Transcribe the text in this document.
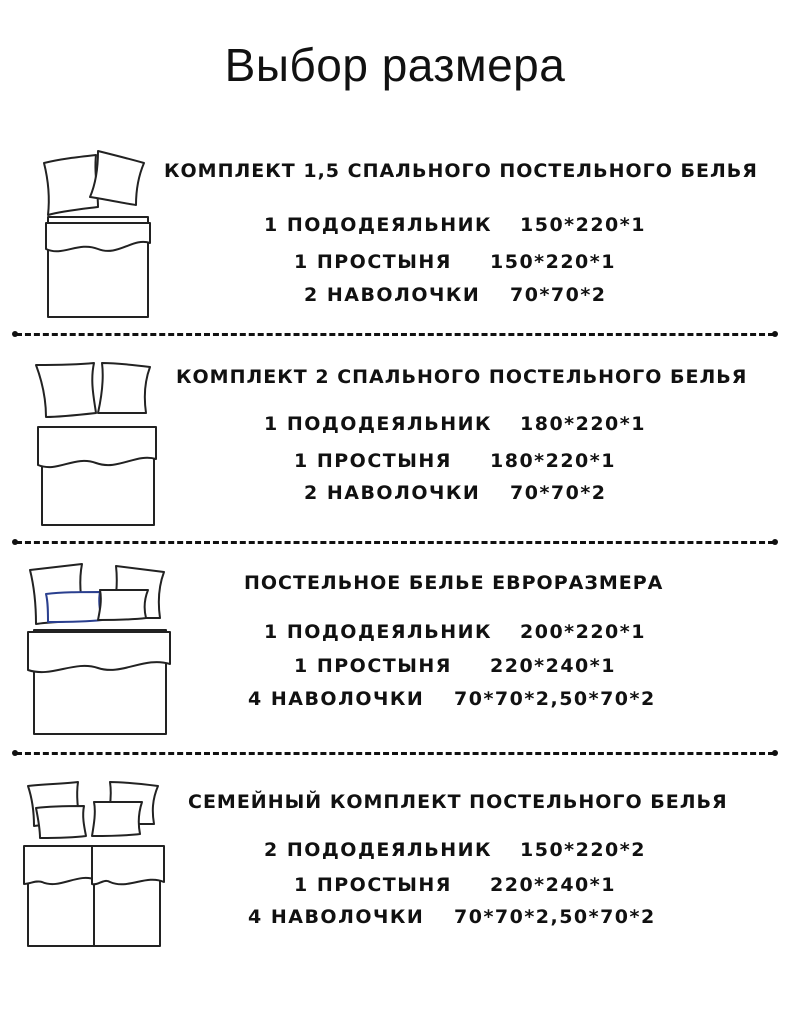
Выбор размера
КОМПЛЕКТ 1,5 СПАЛЬНОГО ПОСТЕЛЬНОГО БЕЛЬЯ
1 ПОДОДЕЯЛЬНИК 150*220*1
1 ПРОСТЫНЯ 150*220*1
2 НАВОЛОЧКИ 70*70*2
КОМПЛЕКТ 2 СПАЛЬНОГО ПОСТЕЛЬНОГО БЕЛЬЯ
1 ПОДОДЕЯЛЬНИК 180*220*1
1 ПРОСТЫНЯ 180*220*1
2 НАВОЛОЧКИ 70*70*2
ПОСТЕЛЬНОЕ БЕЛЬЕ ЕВРОРАЗМЕРА
1 ПОДОДЕЯЛЬНИК 200*220*1
1 ПРОСТЫНЯ 220*240*1
4 НАВОЛОЧКИ 70*70*2,50*70*2
СЕМЕЙНЫЙ КОМПЛЕКТ ПОСТЕЛЬНОГО БЕЛЬЯ
2 ПОДОДЕЯЛЬНИК 150*220*2
1 ПРОСТЫНЯ 220*240*1
4 НАВОЛОЧКИ 70*70*2,50*70*2
